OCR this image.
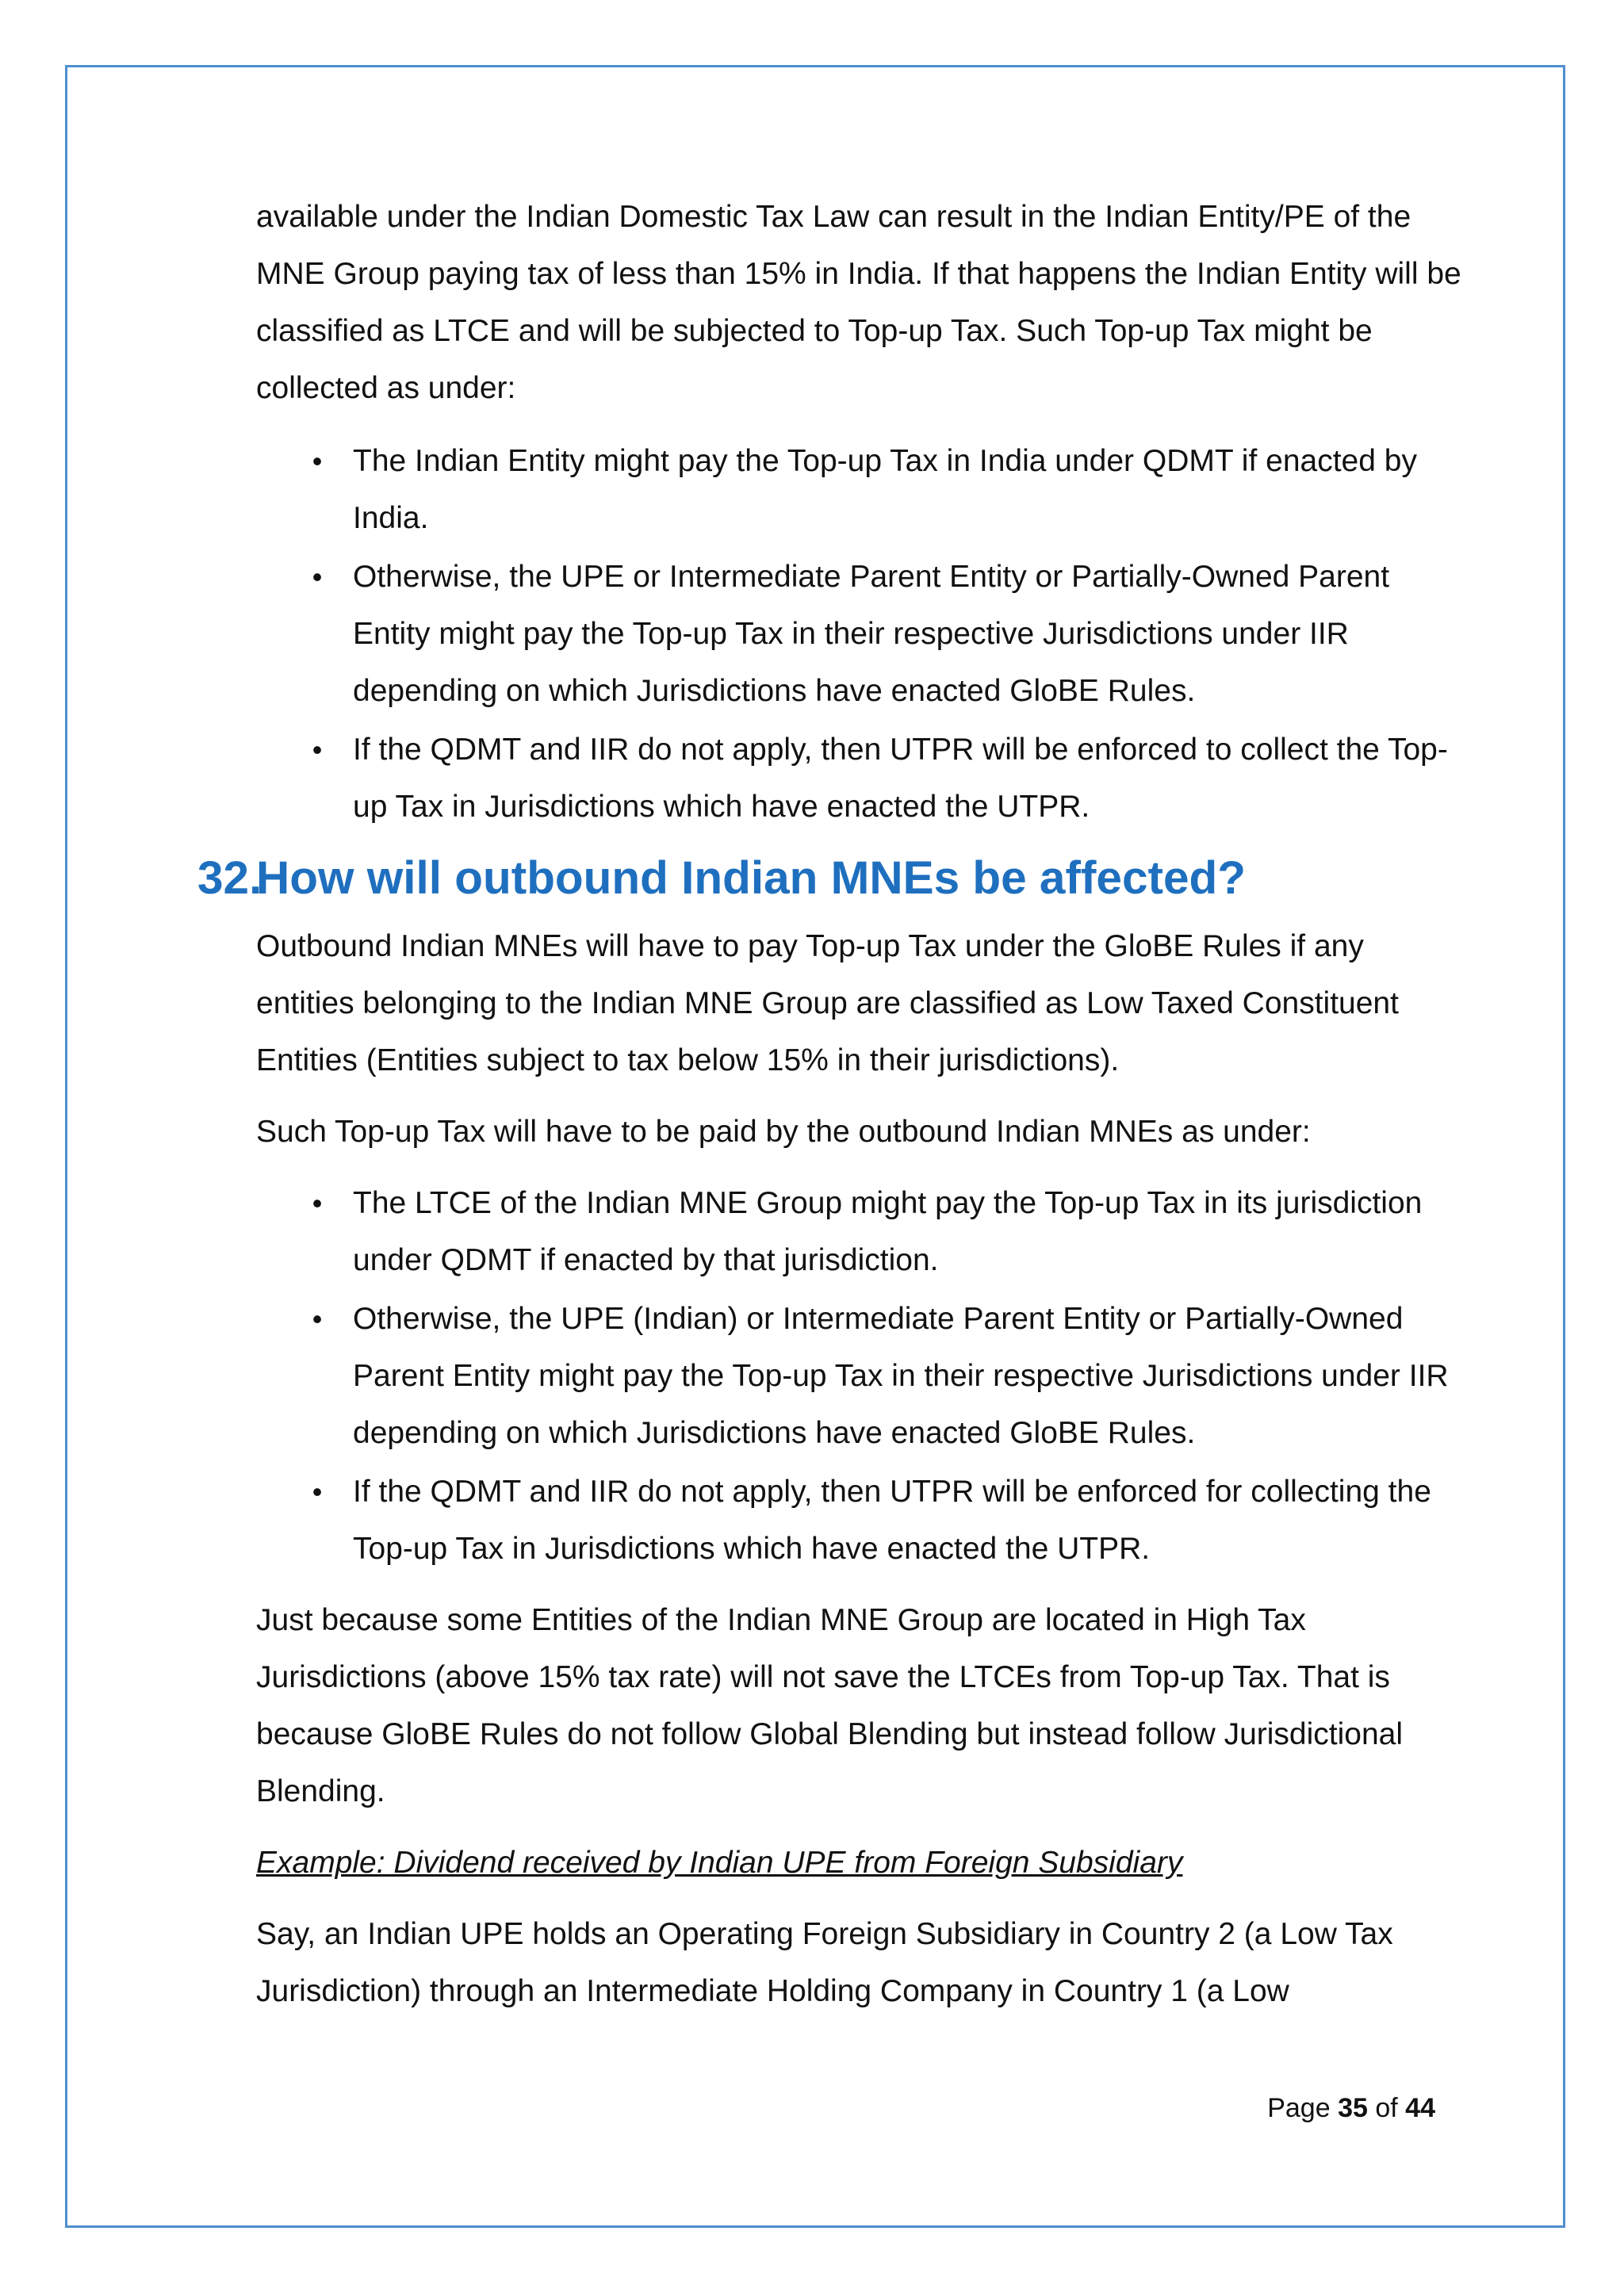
available under the Indian Domestic Tax Law can result in the Indian Entity/PE of the MNE Group paying tax of less than 15% in India. If that happens the Indian Entity will be classified as LTCE and will be subjected to Top-up Tax. Such Top-up Tax might be collected as under:

• The Indian Entity might pay the Top-up Tax in India under QDMT if enacted by India.
• Otherwise, the UPE or Intermediate Parent Entity or Partially-Owned Parent Entity might pay the Top-up Tax in their respective Jurisdictions under IIR depending on which Jurisdictions have enacted GloBE Rules.
• If the QDMT and IIR do not apply, then UTPR will be enforced to collect the Top-up Tax in Jurisdictions which have enacted the UTPR.
32.
How will outbound Indian MNEs be affected?

Outbound Indian MNEs will have to pay Top-up Tax under the GloBE Rules if any entities belonging to the Indian MNE Group are classified as Low Taxed Constituent Entities (Entities subject to tax below 15% in their jurisdictions).

Such Top-up Tax will have to be paid by the outbound Indian MNEs as under:

• The LTCE of the Indian MNE Group might pay the Top-up Tax in its jurisdiction under QDMT if enacted by that jurisdiction.
• Otherwise, the UPE (Indian) or Intermediate Parent Entity or Partially-Owned Parent Entity might pay the Top-up Tax in their respective Jurisdictions under IIR depending on which Jurisdictions have enacted GloBE Rules.
• If the QDMT and IIR do not apply, then UTPR will be enforced for collecting the Top-up Tax in Jurisdictions which have enacted the UTPR.

Just because some Entities of the Indian MNE Group are located in High Tax Jurisdictions (above 15% tax rate) will not save the LTCEs from Top-up Tax. That is because GloBE Rules do not follow Global Blending but instead follow Jurisdictional Blending.

Example: Dividend received by Indian UPE from Foreign Subsidiary

Say, an Indian UPE holds an Operating Foreign Subsidiary in Country 2 (a Low Tax Jurisdiction) through an Intermediate Holding Company in Country 1 (a Low

Page 35 of 44
